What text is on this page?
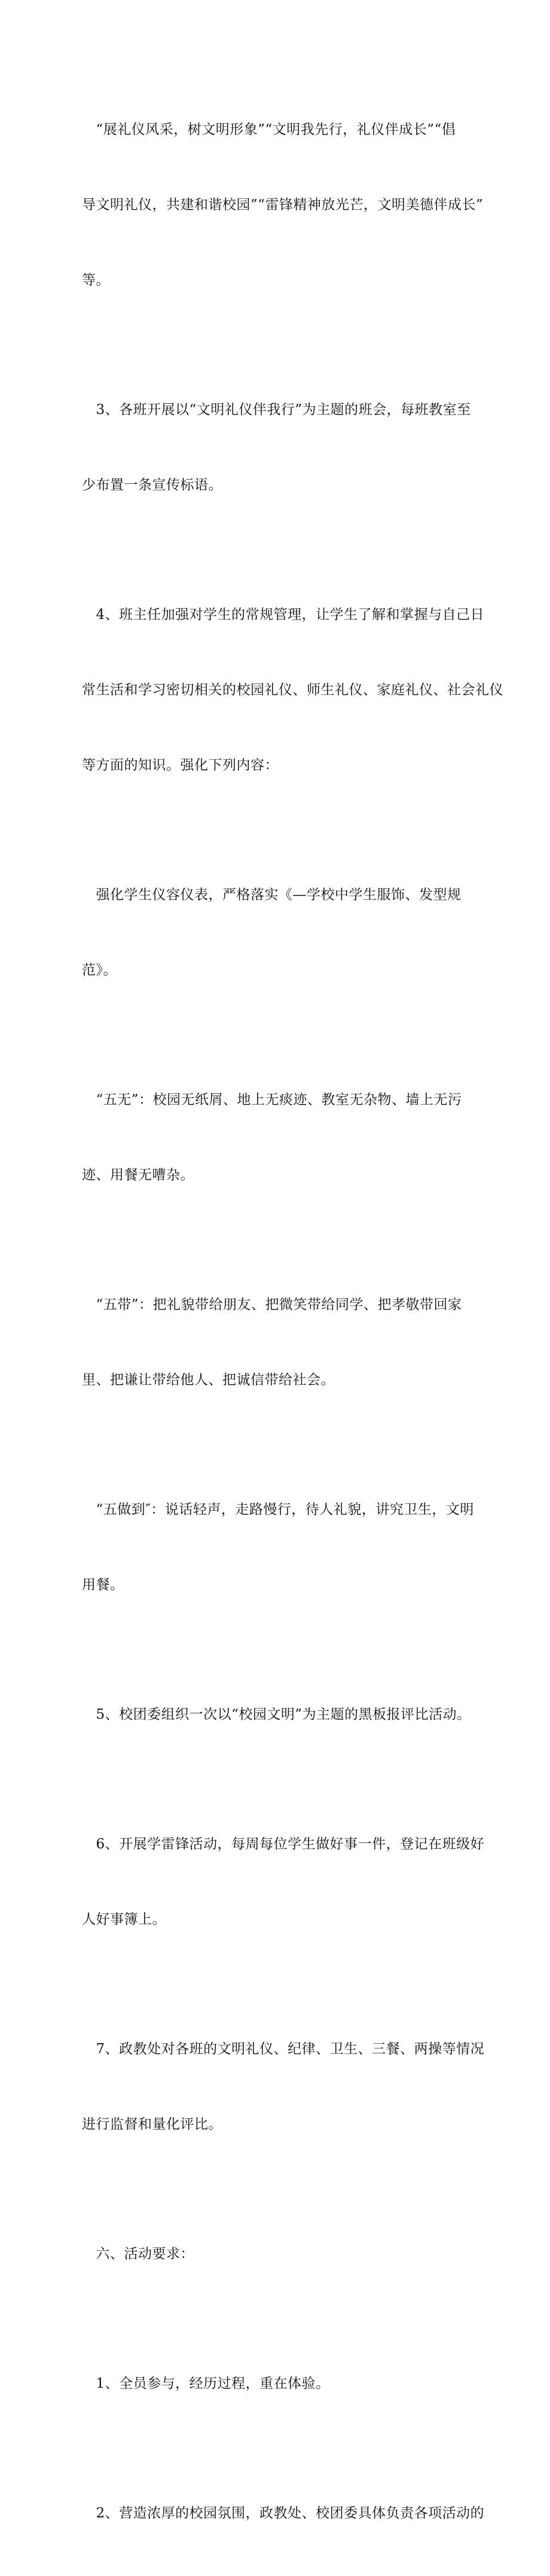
　“展礼仪风采，树文明形象”“文明我先行，礼仪伴成长”“倡

导文明礼仪，共建和谐校园”“雷锋精神放光芒，文明美德伴成长”

等。

　3、各班开展以“文明礼仪伴我行”为主题的班会，每班教室至

少布置一条宣传标语。

　4、班主任加强对学生的常规管理，让学生了解和掌握与自己日

常生活和学习密切相关的校园礼仪、师生礼仪、家庭礼仪、社会礼仪

等方面的知识。强化下列内容：

　强化学生仪容仪表，严格落实《—学校中学生服饰、发型规

范》。

　“五无”：校园无纸屑、地上无痰迹、教室无杂物、墙上无污

迹、用餐无嘈杂。

　“五带”：把礼貌带给朋友、把微笑带给同学、把孝敬带回家

里、把谦让带给他人、把诚信带给社会。

　“五做到″：说话轻声，走路慢行，待人礼貌，讲究卫生，文明

用餐。

　5、校团委组织一次以“校园文明”为主题的黑板报评比活动。

　6、开展学雷锋活动，每周每位学生做好事一件，登记在班级好

人好事簿上。

　7、政教处对各班的文明礼仪、纪律、卫生、三餐、两操等情况

进行监督和量化评比。

　六、活动要求：

　1、全员参与，经历过程，重在体验。

　2、营造浓厚的校园氛围，政教处、校团委具体负责各项活动的
